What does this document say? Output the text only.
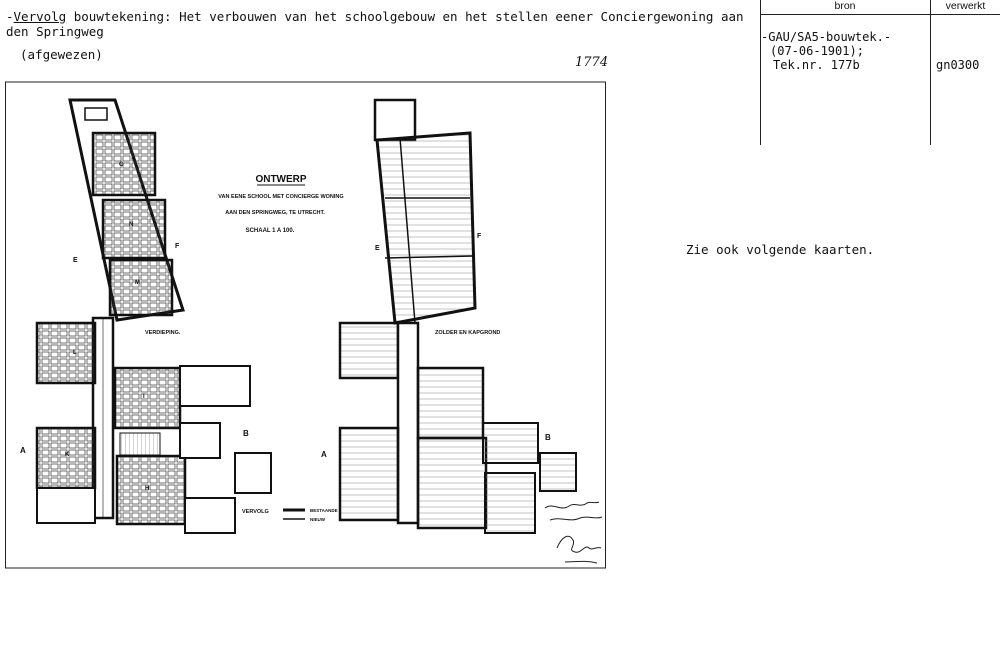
-Vervolg bouwtekening: Het verbouwen van het schoolgebouw en het stellen eener Conciergewoning aan den Springweg
(afgewezen)
1774
bron	verwerkt
-GAU/SA5-bouwtek.-
(07-06-1901);
Tek.nr. 177b	gn0300
Zie ook volgende kaarten.
ONTWERP
VAN EENE SCHOOL MET CONCIERGE WONING
AAN DEN SPRINGWEG, TE UTRECHT.
SCHAAL 1 A 100.
VERDIEPING.	ZOLDER EN KAPGROND
VERVOLG	BESTAANDE
NIEUW
E
F
A
B
E
F
A
B
G
N
M
L
I
K
H
